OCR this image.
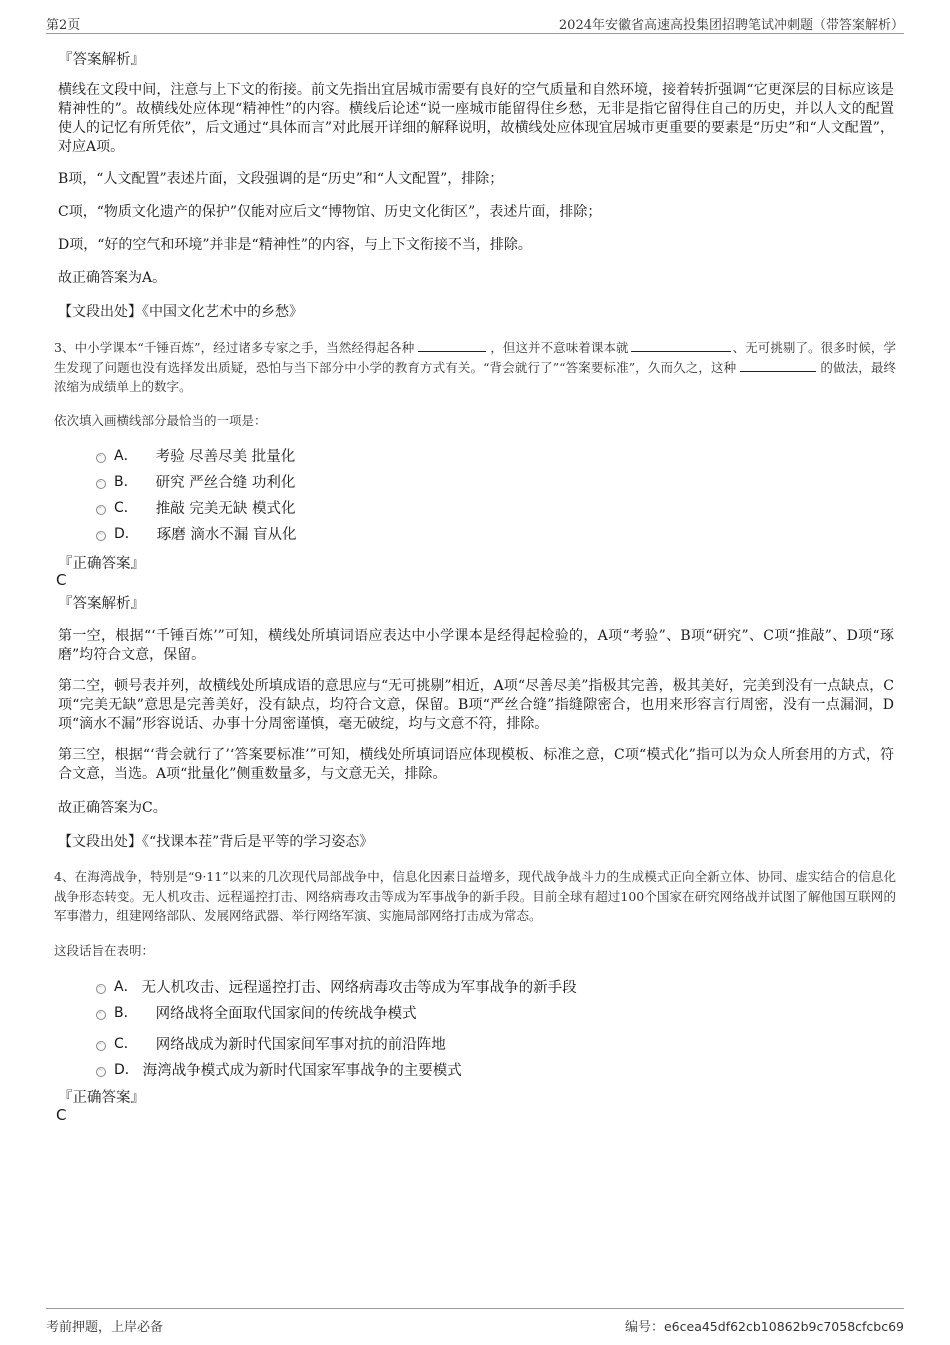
第2页	2024年安徽省高速高投集团招聘笔试冲刺题（带答案解析）
『答案解析』
横线在文段中间，注意与上下文的衔接。前文先指出宜居城市需要有良好的空气质量和自然环境，接着转折强调“它更深层的目标应该是精神性的”。故横线处应体现“精神性”的内容。横线后论述“说一座城市能留得住乡愁，无非是指它留得住自己的历史，并以人文的配置使人的记忆有所凭依”，后文通过“具体而言”对此展开详细的解释说明，故横线处应体现宜居城市更重要的要素是“历史”和“人文配置”，对应A项。
B项，“人文配置”表述片面，文段强调的是“历史”和“人文配置”，排除；
C项，“物质文化遗产的保护”仅能对应后文“博物馆、历史文化街区”，表述片面，排除；
D项，“好的空气和环境”并非是“精神性”的内容，与上下文衔接不当，排除。
故正确答案为A。
【文段出处】《中国文化艺术中的乡愁》
3、中小学课本“千锤百炼”，经过诸多专家之手，当然经得起各种	，但这并不意味着课本就	、无可挑剔了。很多时候，学生发现了问题也没有选择发出质疑，恐怕与当下部分中小学的教育方式有关。“背会就行了”“答案要标准”，久而久之，这种	的做法，最终浓缩为成绩单上的数字。
依次填入画横线部分最恰当的一项是：
A． 考验 尽善尽美 批量化
B． 研究 严丝合缝 功利化
C． 推敲 完美无缺 模式化
D． 琢磨 滴水不漏 盲从化
『正确答案』
C
『答案解析』
第一空，根据“‘千锤百炼’”可知，横线处所填词语应表达中小学课本是经得起检验的，A项“考验”、B项“研究”、C项“推敲”、D项“琢磨”均符合文意，保留。
第二空，顿号表并列，故横线处所填成语的意思应与“无可挑剔”相近，A项“尽善尽美”指极其完善，极其美好，完美到没有一点缺点，C项“完美无缺”意思是完善美好，没有缺点，均符合文意，保留。B项“严丝合缝”指缝隙密合，也用来形容言行周密，没有一点漏洞，D项“滴水不漏”形容说话、办事十分周密谨慎，毫无破绽，均与文意不符，排除。
第三空，根据“‘背会就行了’‘答案要标准’”可知，横线处所填词语应体现模板、标准之意，C项“模式化”指可以为众人所套用的方式，符合文意，当选。A项“批量化”侧重数量多，与文意无关，排除。
故正确答案为C。
【文段出处】《“找课本茬”背后是平等的学习姿态》
4、在海湾战争，特别是“9·11”以来的几次现代局部战争中，信息化因素日益增多，现代战争战斗力的生成模式正向全新立体、协同、虚实结合的信息化战争形态转变。无人机攻击、远程遥控打击、网络病毒攻击等成为军事战争的新手段。目前全球有超过100个国家在研究网络战并试图了解他国互联网的军事潜力，组建网络部队、发展网络武器、举行网络军演、实施局部网络打击成为常态。
这段话旨在表明：
A． 无人机攻击、远程遥控打击、网络病毒攻击等成为军事战争的新手段
B． 网络战将全面取代国家间的传统战争模式
C． 网络战成为新时代国家间军事对抗的前沿阵地
D． 海湾战争模式成为新时代国家军事战争的主要模式
『正确答案』
C
考前押题，上岸必备	编号：e6cea45df62cb10862b9c7058cfcbc69
